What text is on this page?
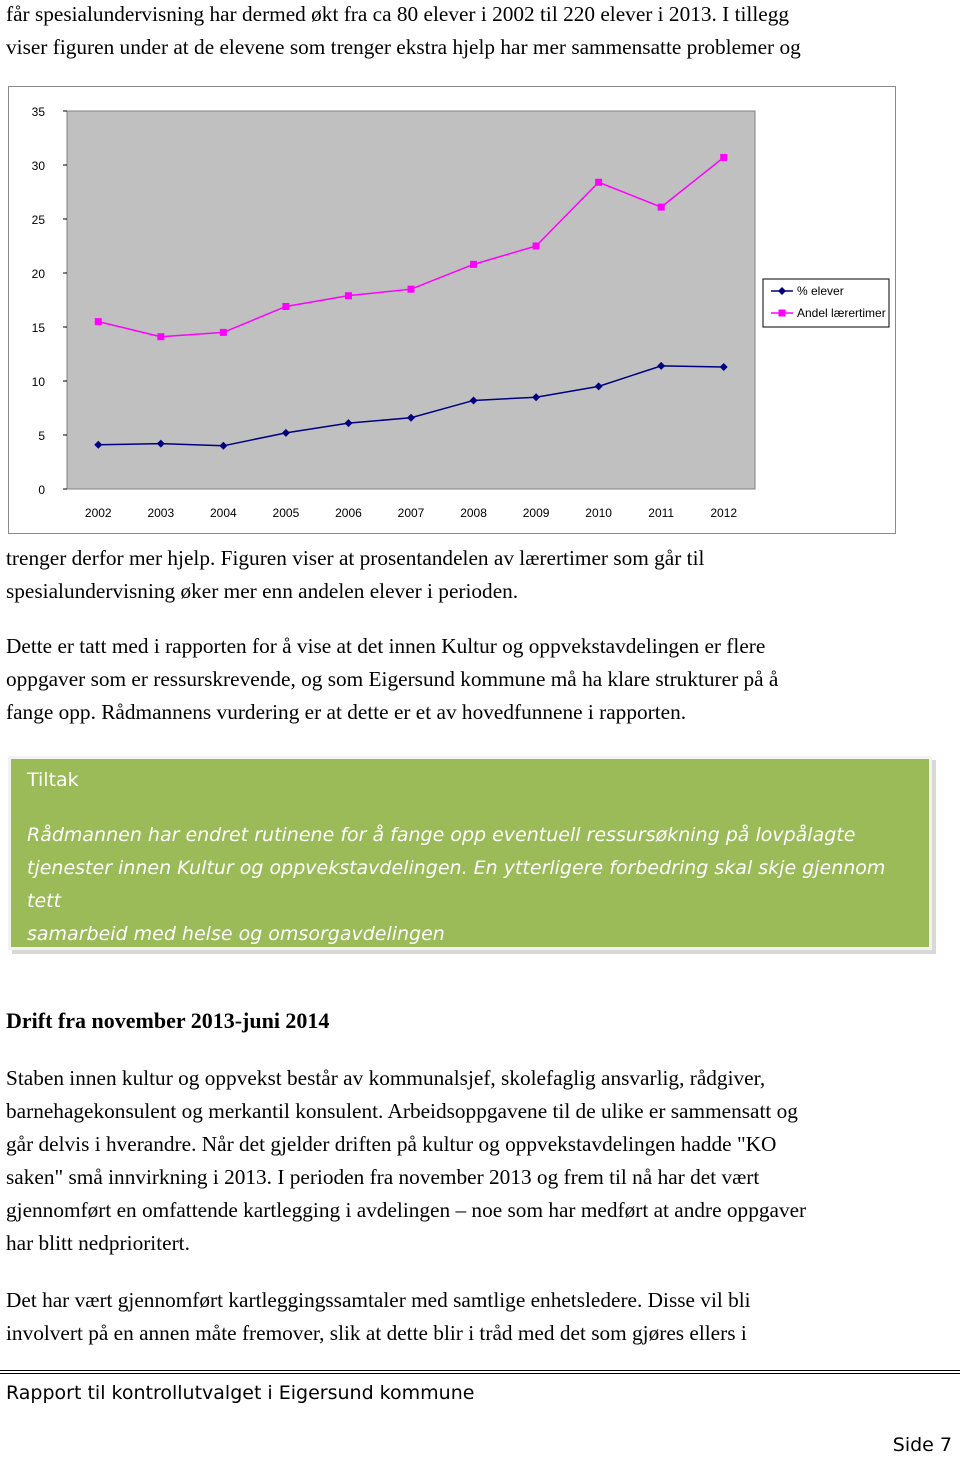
får spesialundervisning har dermed økt fra ca 80 elever i 2002 til 220 elever i 2013. I tillegg

viser figuren under at de elevene som trenger ekstra hjelp har mer sammensatte problemer og

0
5
10
15
20
25
30
35
2002	2003	2004	2005	2006	2007	2008	2009	2010	2011	2012
% elever
Andel lærertimer

trenger derfor mer hjelp. Figuren viser at prosentandelen av lærertimer som går til

spesialundervisning øker mer enn andelen elever i perioden.

Dette er tatt med i rapporten for å vise at det innen Kultur og oppvekstavdelingen er flere

oppgaver som er ressurskrevende, og som Eigersund kommune må ha klare strukturer på å

fange opp. Rådmannens vurdering er at dette er et av hovedfunnene i rapporten.

Tiltak
Rådmannen har endret rutinene for å fange opp eventuell ressursøkning på lovpålagte
tjenester innen Kultur og oppvekstavdelingen. En ytterligere forbedring skal skje gjennom tett
samarbeid med helse og omsorgavdelingen
Drift fra november 2013-juni 2014

Staben innen kultur og oppvekst består av kommunalsjef, skolefaglig ansvarlig, rådgiver,

barnehagekonsulent og merkantil konsulent. Arbeidsoppgavene til de ulike er sammensatt og

går delvis i hverandre. Når det gjelder driften på kultur og oppvekstavdelingen hadde "KO

saken" små innvirkning i 2013. I perioden fra november 2013 og frem til nå har det vært

gjennomført en omfattende kartlegging i avdelingen – noe som har medført at andre oppgaver

har blitt nedprioritert.

Det har vært gjennomført kartleggingssamtaler med samtlige enhetsledere. Disse vil bli

involvert på en annen måte fremover, slik at dette blir i tråd med det som gjøres ellers i

Rapport til kontrollutvalget i Eigersund kommune
Side 7
